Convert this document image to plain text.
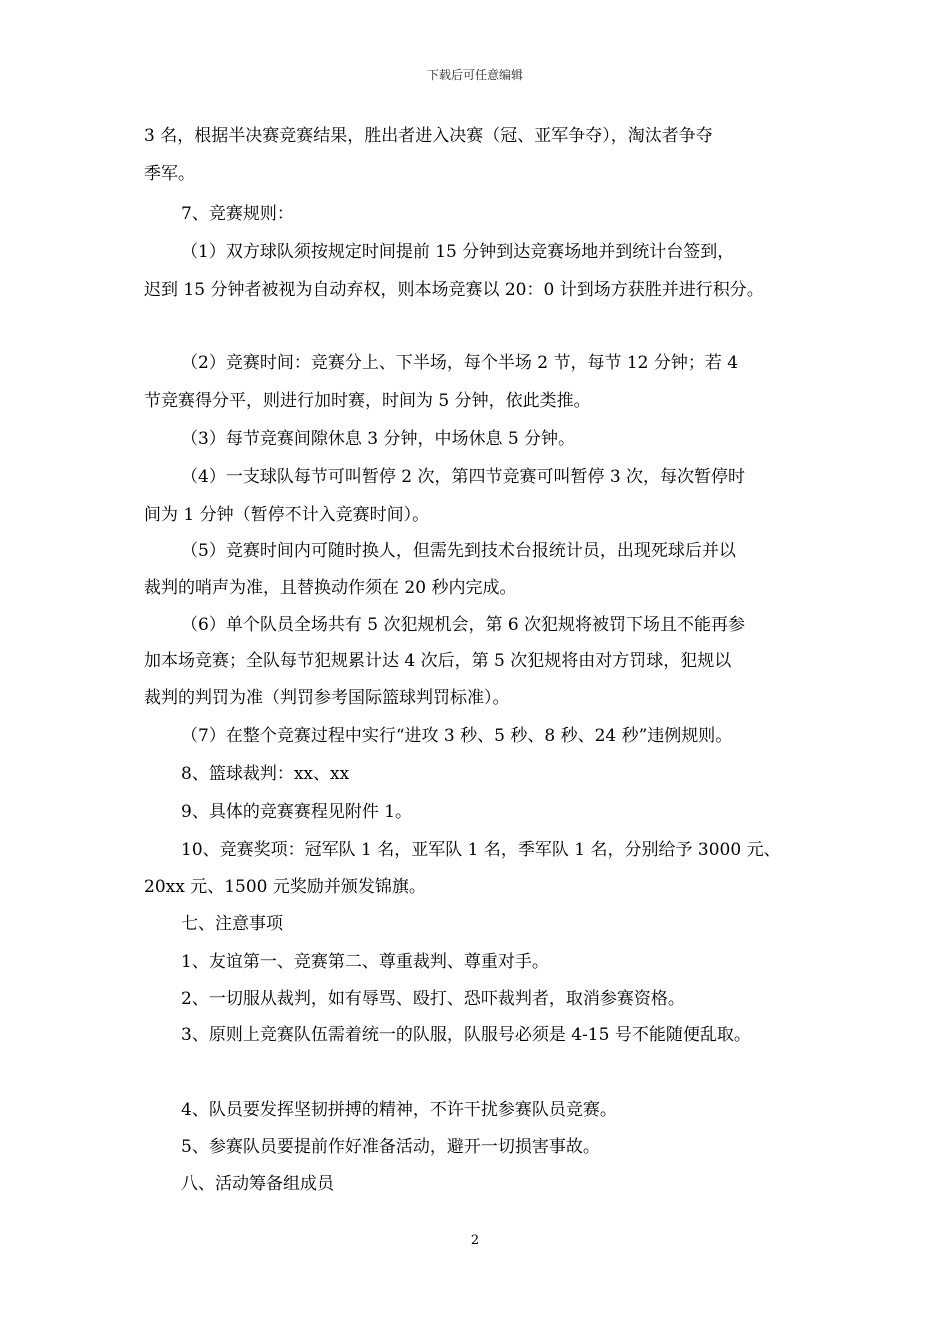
下载后可任意编辑
3 名，根据半决赛竞赛结果，胜出者进入决赛（冠、亚军争夺），淘汰者争夺
季军。
7、竞赛规则：
（1）双方球队须按规定时间提前 15 分钟到达竞赛场地并到统计台签到，
迟到 15 分钟者被视为自动弃权，则本场竞赛以 20：0 计到场方获胜并进行积分。
（2）竞赛时间：竞赛分上、下半场，每个半场 2 节，每节 12 分钟；若 4
节竞赛得分平，则进行加时赛，时间为 5 分钟，依此类推。
（3）每节竞赛间隙休息 3 分钟，中场休息 5 分钟。
（4）一支球队每节可叫暂停 2 次，第四节竞赛可叫暂停 3 次，每次暂停时
间为 1 分钟（暂停不计入竞赛时间）。
（5）竞赛时间内可随时换人，但需先到技术台报统计员，出现死球后并以
裁判的哨声为准，且替换动作须在 20 秒内完成。
（6）单个队员全场共有 5 次犯规机会，第 6 次犯规将被罚下场且不能再参
加本场竞赛；全队每节犯规累计达 4 次后，第 5 次犯规将由对方罚球，犯规以
裁判的判罚为准（判罚参考国际篮球判罚标准）。
（7）在整个竞赛过程中实行“进攻 3 秒、5 秒、8 秒、24 秒”违例规则。
8、篮球裁判：xx、xx
9、具体的竞赛赛程见附件 1。
10、竞赛奖项：冠军队 1 名，亚军队 1 名，季军队 1 名，分别给予 3000 元、
20xx 元、1500 元奖励并颁发锦旗。
七、注意事项
1、友谊第一、竞赛第二、尊重裁判、尊重对手。
2、一切服从裁判，如有辱骂、殴打、恐吓裁判者，取消参赛资格。
3、原则上竞赛队伍需着统一的队服，队服号必须是 4-15 号不能随便乱取。
4、队员要发挥坚韧拼搏的精神，不许干扰参赛队员竞赛。
5、参赛队员要提前作好准备活动，避开一切损害事故。
八、活动筹备组成员
2
